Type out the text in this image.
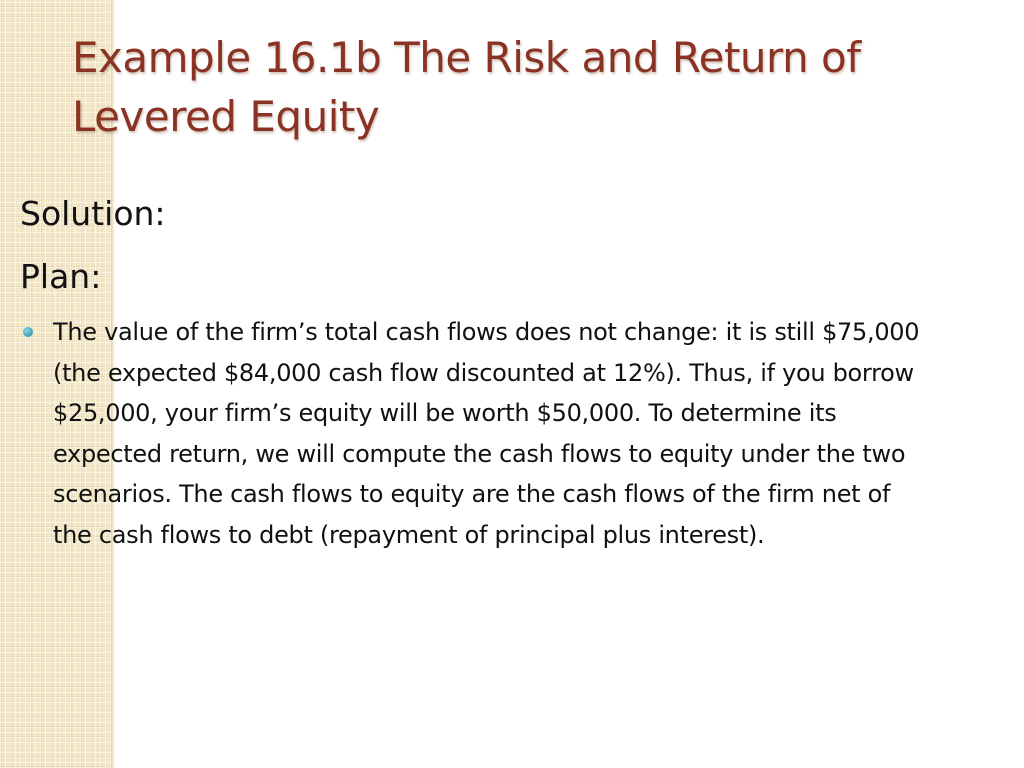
Example 16.1b The Risk and Return of Levered Equity
Solution:
Plan:
The value of the firm’s total cash flows does not change: it is still $75,000 (the expected $84,000 cash flow discounted at 12%). Thus, if you borrow $25,000, your firm’s equity will be worth $50,000. To determine its expected return, we will compute the cash flows to equity under the two scenarios. The cash flows to equity are the cash flows of the firm net of the cash flows to debt (repayment of principal plus interest).
